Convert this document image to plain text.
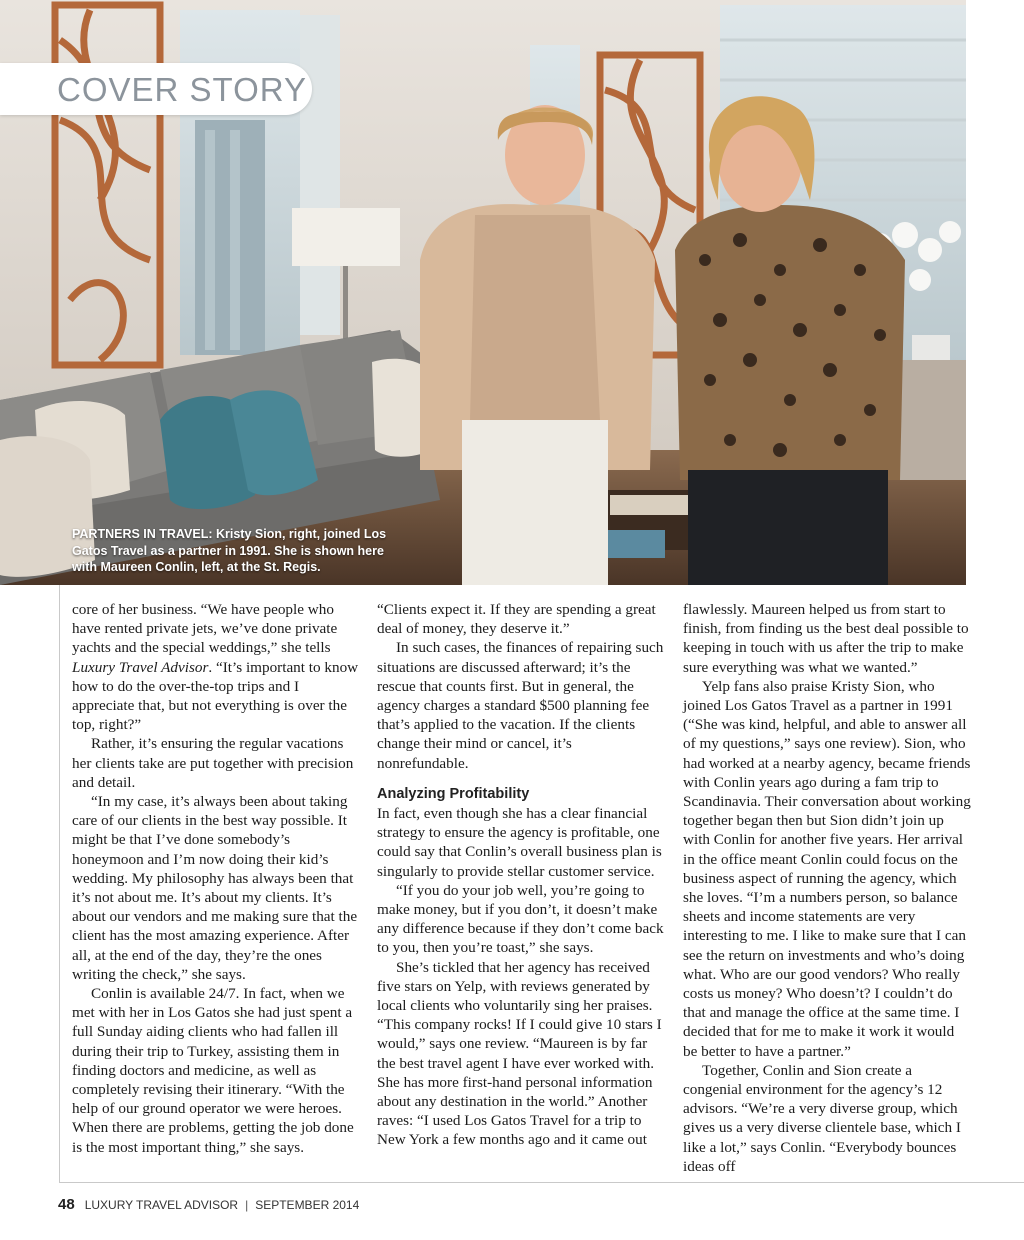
COVER STORY
PARTNERS IN TRAVEL: Kristy Sion, right, joined Los Gatos Travel as a partner in 1991. She is shown here with Maureen Conlin, left, at the St. Regis.

core of her business. “We have people who have rented private jets, we’ve done private yachts and the special weddings,” she tells Luxury Travel Advisor. “It’s important to know how to do the over-the-top trips and I appreciate that, but not everything is over the top, right?”

Rather, it’s ensuring the regular vacations her clients take are put together with precision and detail.

“In my case, it’s always been about taking care of our clients in the best way possible. It might be that I’ve done somebody’s honeymoon and I’m now doing their kid’s wedding. My philosophy has always been that it’s not about me. It’s about my clients. It’s about our vendors and me making sure that the client has the most amazing experience. After all, at the end of the day, they’re the ones writing the check,” she says.

Conlin is available 24/7. In fact, when we met with her in Los Gatos she had just spent a full Sunday aiding clients who had fallen ill during their trip to Turkey, assisting them in finding doctors and medicine, as well as completely revising their itinerary. “With the help of our ground operator we were heroes. When there are problems, getting the job done is the most important thing,” she says.

“Clients expect it. If they are spending a great deal of money, they deserve it.”

In such cases, the finances of repairing such situations are discussed afterward; it’s the rescue that counts first. But in general, the agency charges a standard $500 planning fee that’s applied to the vacation. If the clients change their mind or cancel, it’s nonrefundable.

Analyzing Profitability

In fact, even though she has a clear financial strategy to ensure the agency is profitable, one could say that Conlin’s overall business plan is singularly to provide stellar customer service.

“If you do your job well, you’re going to make money, but if you don’t, it doesn’t make any difference because if they don’t come back to you, then you’re toast,” she says.

She’s tickled that her agency has received five stars on Yelp, with reviews generated by local clients who voluntarily sing her praises. “This company rocks! If I could give 10 stars I would,” says one review. “Maureen is by far the best travel agent I have ever worked with. She has more first-hand personal information about any destination in the world.” Another raves: “I used Los Gatos Travel for a trip to New York a few months ago and it came out

flawlessly. Maureen helped us from start to finish, from finding us the best deal possible to keeping in touch with us after the trip to make sure everything was what we wanted.”

Yelp fans also praise Kristy Sion, who joined Los Gatos Travel as a partner in 1991 (“She was kind, helpful, and able to answer all of my questions,” says one review). Sion, who had worked at a nearby agency, became friends with Conlin years ago during a fam trip to Scandinavia. Their conversation about working together began then but Sion didn’t join up with Conlin for another five years. Her arrival in the office meant Conlin could focus on the business aspect of running the agency, which she loves. “I’m a numbers person, so balance sheets and income statements are very interesting to me. I like to make sure that I can see the return on investments and who’s doing what. Who are our good vendors? Who really costs us money? Who doesn’t? I couldn’t do that and manage the office at the same time. I decided that for me to make it work it would be better to have a partner.”

Together, Conlin and Sion create a congenial environment for the agency’s 12 advisors. “We’re a very diverse group, which gives us a very diverse clientele base, which I like a lot,” says Conlin. “Everybody bounces ideas off

48 LUXURY TRAVEL ADVISOR | SEPTEMBER 2014
